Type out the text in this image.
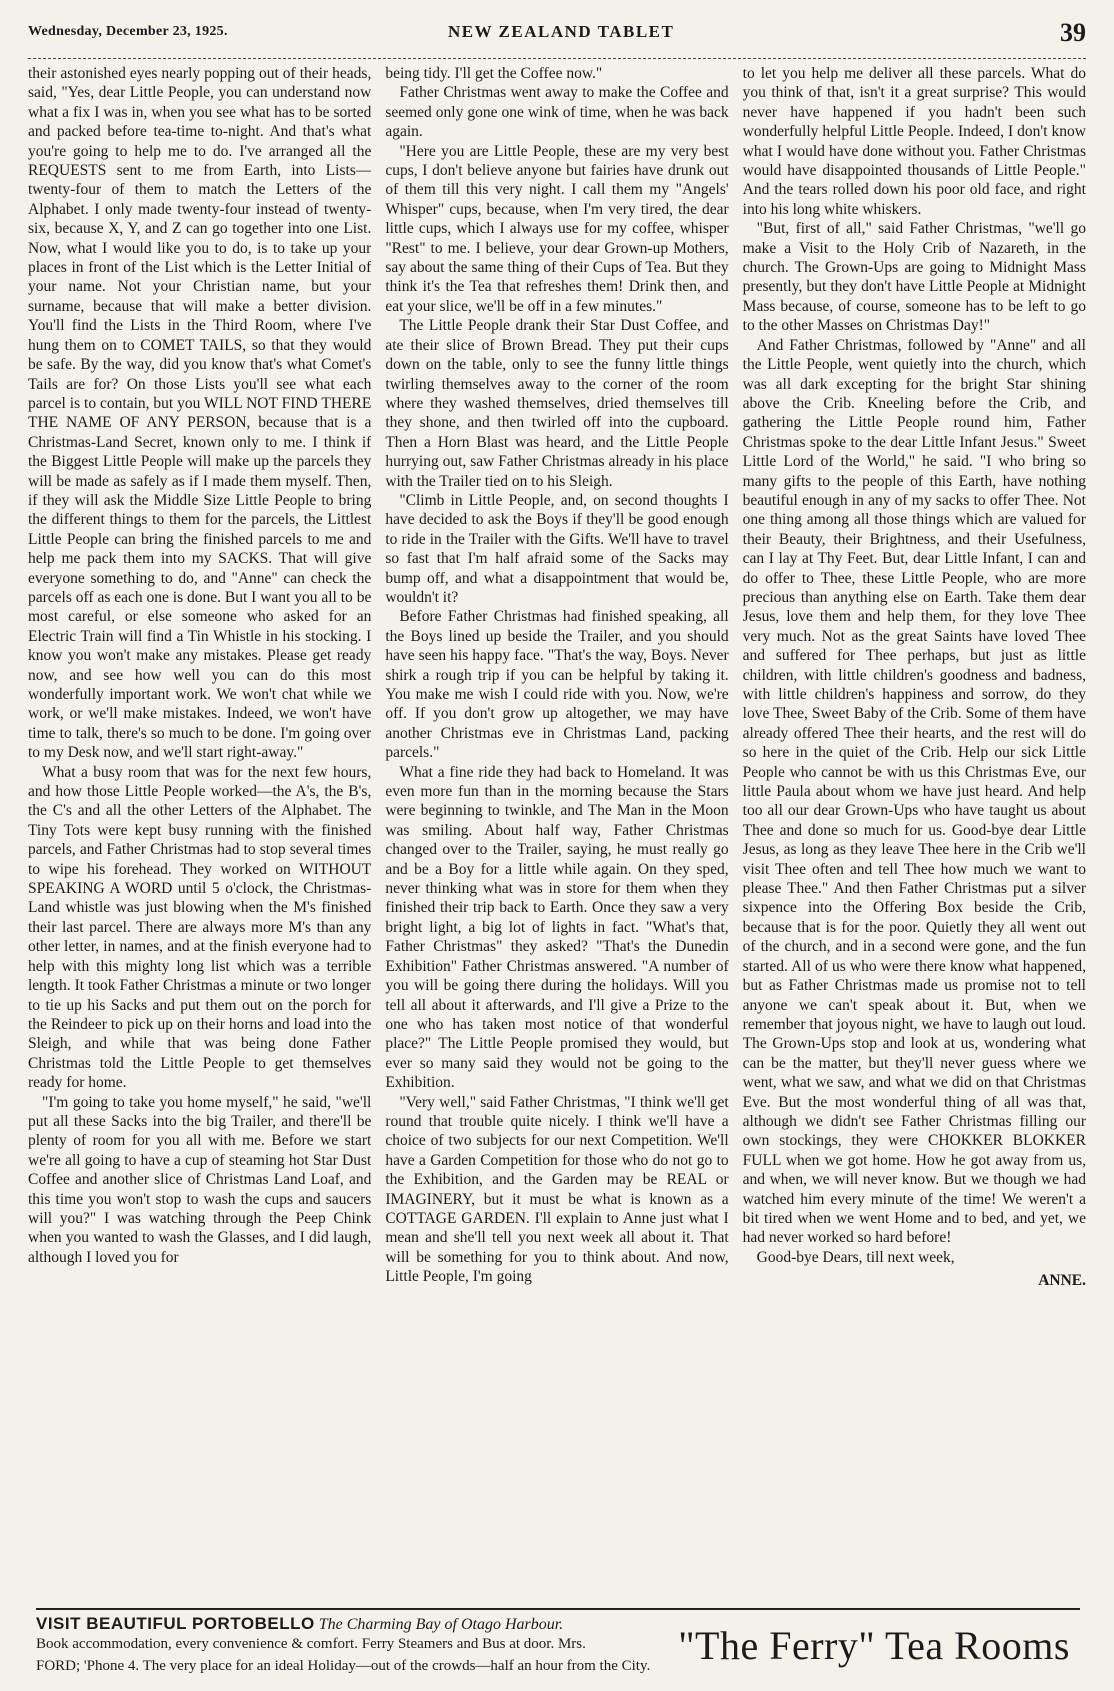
Wednesday, December 23, 1925.	NEW ZEALAND TABLET	39

their astonished eyes nearly popping out of their heads, said, "Yes, dear Little People, you can understand now what a fix I was in, when you see what has to be sorted and packed before tea-time to-night. And that's what you're going to help me to do. I've arranged all the REQUESTS sent to me from Earth, into Lists—twenty-four of them to match the Letters of the Alphabet. I only made twenty-four instead of twenty-six, because X, Y, and Z can go together into one List. Now, what I would like you to do, is to take up your places in front of the List which is the Letter Initial of your name. Not your Christian name, but your surname, because that will make a better division. You'll find the Lists in the Third Room, where I've hung them on to COMET TAILS, so that they would be safe. By the way, did you know that's what Comet's Tails are for? On those Lists you'll see what each parcel is to contain, but you WILL NOT FIND THERE THE NAME OF ANY PERSON, because that is a Christmas-Land Secret, known only to me. I think if the Biggest Little People will make up the parcels they will be made as safely as if I made them myself. Then, if they will ask the Middle Size Little People to bring the different things to them for the parcels, the Littlest Little People can bring the finished parcels to me and help me pack them into my SACKS. That will give everyone something to do, and "Anne" can check the parcels off as each one is done. But I want you all to be most careful, or else someone who asked for an Electric Train will find a Tin Whistle in his stocking. I know you won't make any mistakes. Please get ready now, and see how well you can do this most wonderfully important work. We won't chat while we work, or we'll make mistakes. Indeed, we won't have time to talk, there's so much to be done. I'm going over to my Desk now, and we'll start right-away."

What a busy room that was for the next few hours, and how those Little People worked—the A's, the B's, the C's and all the other Letters of the Alphabet. The Tiny Tots were kept busy running with the finished parcels, and Father Christmas had to stop several times to wipe his forehead. They worked on WITHOUT SPEAKING A WORD until 5 o'clock, the Christmas-Land whistle was just blowing when the M's finished their last parcel. There are always more M's than any other letter, in names, and at the finish everyone had to help with this mighty long list which was a terrible length. It took Father Christmas a minute or two longer to tie up his Sacks and put them out on the porch for the Reindeer to pick up on their horns and load into the Sleigh, and while that was being done Father Christmas told the Little People to get themselves ready for home.

"I'm going to take you home myself," he said, "we'll put all these Sacks into the big Trailer, and there'll be plenty of room for you all with me. Before we start we're all going to have a cup of steaming hot Star Dust Coffee and another slice of Christmas Land Loaf, and this time you won't stop to wash the cups and saucers will you?" I was watching through the Peep Chink when you wanted to wash the Glasses, and I did laugh, although I loved you for

being tidy. I'll get the Coffee now."

Father Christmas went away to make the Coffee and seemed only gone one wink of time, when he was back again.

"Here you are Little People, these are my very best cups, I don't believe anyone but fairies have drunk out of them till this very night. I call them my "Angels' Whisper" cups, because, when I'm very tired, the dear little cups, which I always use for my coffee, whisper "Rest" to me. I believe, your dear Grown-up Mothers, say about the same thing of their Cups of Tea. But they think it's the Tea that refreshes them! Drink then, and eat your slice, we'll be off in a few minutes."

The Little People drank their Star Dust Coffee, and ate their slice of Brown Bread. They put their cups down on the table, only to see the funny little things twirling themselves away to the corner of the room where they washed themselves, dried themselves till they shone, and then twirled off into the cupboard. Then a Horn Blast was heard, and the Little People hurrying out, saw Father Christmas already in his place with the Trailer tied on to his Sleigh.

"Climb in Little People, and, on second thoughts I have decided to ask the Boys if they'll be good enough to ride in the Trailer with the Gifts. We'll have to travel so fast that I'm half afraid some of the Sacks may bump off, and what a disappointment that would be, wouldn't it?

Before Father Christmas had finished speaking, all the Boys lined up beside the Trailer, and you should have seen his happy face. "That's the way, Boys. Never shirk a rough trip if you can be helpful by taking it. You make me wish I could ride with you. Now, we're off. If you don't grow up altogether, we may have another Christmas eve in Christmas Land, packing parcels."

What a fine ride they had back to Homeland. It was even more fun than in the morning because the Stars were beginning to twinkle, and The Man in the Moon was smiling. About half way, Father Christmas changed over to the Trailer, saying, he must really go and be a Boy for a little while again. On they sped, never thinking what was in store for them when they finished their trip back to Earth. Once they saw a very bright light, a big lot of lights in fact. "What's that, Father Christmas" they asked? "That's the Dunedin Exhibition" Father Christmas answered. "A number of you will be going there during the holidays. Will you tell all about it afterwards, and I'll give a Prize to the one who has taken most notice of that wonderful place?" The Little People promised they would, but ever so many said they would not be going to the Exhibition.

"Very well," said Father Christmas, "I think we'll get round that trouble quite nicely. I think we'll have a choice of two subjects for our next Competition. We'll have a Garden Competition for those who do not go to the Exhibition, and the Garden may be REAL or IMAGINERY, but it must be what is known as a COTTAGE GARDEN. I'll explain to Anne just what I mean and she'll tell you next week all about it. That will be something for you to think about. And now, Little People, I'm going

to let you help me deliver all these parcels. What do you think of that, isn't it a great surprise? This would never have happened if you hadn't been such wonderfully helpful Little People. Indeed, I don't know what I would have done without you. Father Christmas would have disappointed thousands of Little People." And the tears rolled down his poor old face, and right into his long white whiskers.

"But, first of all," said Father Christmas, "we'll go make a Visit to the Holy Crib of Nazareth, in the church. The Grown-Ups are going to Midnight Mass presently, but they don't have Little People at Midnight Mass because, of course, someone has to be left to go to the other Masses on Christmas Day!"

And Father Christmas, followed by "Anne" and all the Little People, went quietly into the church, which was all dark excepting for the bright Star shining above the Crib. Kneeling before the Crib, and gathering the Little People round him, Father Christmas spoke to the dear Little Infant Jesus." Sweet Little Lord of the World," he said. "I who bring so many gifts to the people of this Earth, have nothing beautiful enough in any of my sacks to offer Thee. Not one thing among all those things which are valued for their Beauty, their Brightness, and their Usefulness, can I lay at Thy Feet. But, dear Little Infant, I can and do offer to Thee, these Little People, who are more precious than anything else on Earth. Take them dear Jesus, love them and help them, for they love Thee very much. Not as the great Saints have loved Thee and suffered for Thee perhaps, but just as little children, with little children's goodness and badness, with little children's happiness and sorrow, do they love Thee, Sweet Baby of the Crib. Some of them have already offered Thee their hearts, and the rest will do so here in the quiet of the Crib. Help our sick Little People who cannot be with us this Christmas Eve, our little Paula about whom we have just heard. And help too all our dear Grown-Ups who have taught us about Thee and done so much for us. Good-bye dear Little Jesus, as long as they leave Thee here in the Crib we'll visit Thee often and tell Thee how much we want to please Thee." And then Father Christmas put a silver sixpence into the Offering Box beside the Crib, because that is for the poor. Quietly they all went out of the church, and in a second were gone, and the fun started. All of us who were there know what happened, but as Father Christmas made us promise not to tell anyone we can't speak about it. But, when we remember that joyous night, we have to laugh out loud. The Grown-Ups stop and look at us, wondering what can be the matter, but they'll never guess where we went, what we saw, and what we did on that Christmas Eve. But the most wonderful thing of all was that, although we didn't see Father Christmas filling our own stockings, they were CHOKKER BLOKKER FULL when we got home. How he got away from us, and when, we will never know. But we though we had watched him every minute of the time! We weren't a bit tired when we went Home and to bed, and yet, we had never worked so hard before!

Good-bye Dears, till next week,

ANNE.

VISIT BEAUTIFUL PORTOBELLO The Charming Bay of Otago Harbour.
Book accommodation, every convenience & comfort. Ferry Steamers and Bus at door. Mrs.
FORD; 'Phone 4. The very place for an ideal Holiday—out of the crowds—half an hour from the City. "The Ferry" Tea Rooms
